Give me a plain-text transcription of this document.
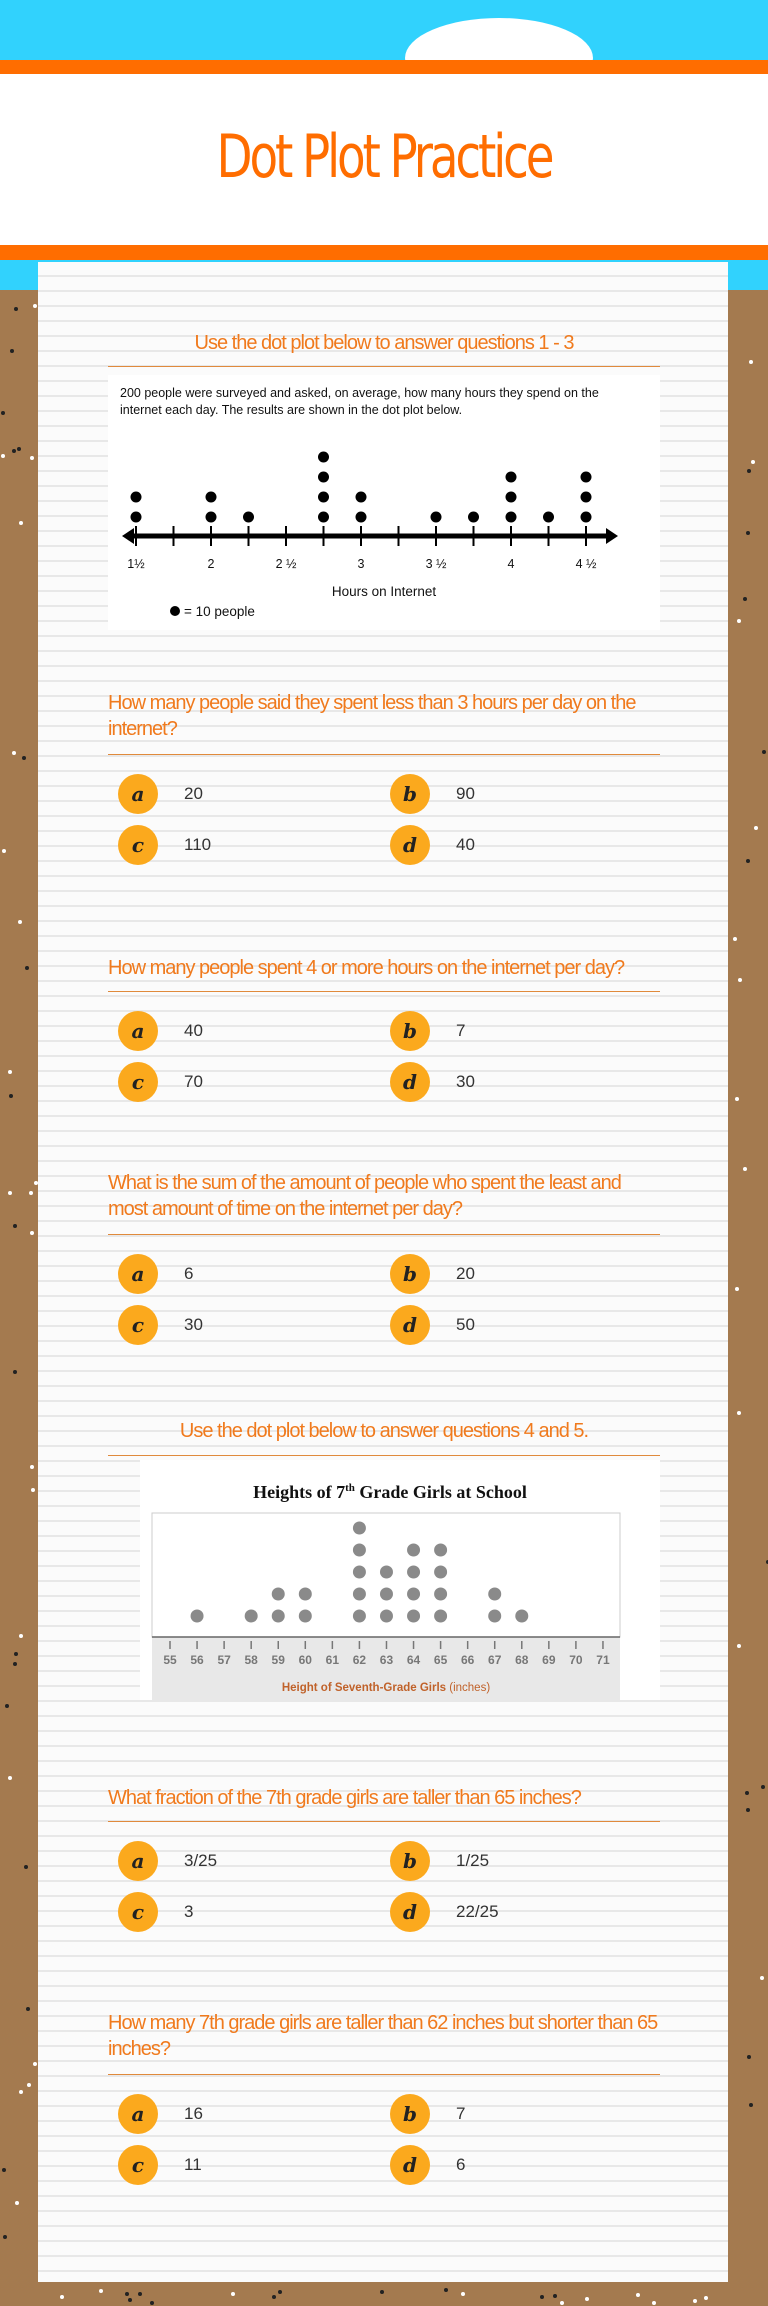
Dot Plot Practice
Use the dot plot below to answer questions 1 - 3
200 people were surveyed and asked, on average, how many hours they spend on the internet each day. The results are shown in the dot plot below.
1½	2	2 ½	3	3 ½	4	4 ½
Hours on Internet
= 10 people
Use the dot plot below to answer questions 4 and 5.
Heights of 7th Grade Girls at School
55 56 57 58 59 60 61 62 63 64 65 66 67 68 69 70 71
Height of Seventh-Grade Girls (inches)
How many people said they spent less than 3 hours per day on the internet?
a	20	b	90
c	110	d	40
How many people spent 4 or more hours on the internet per day?
a	40	b	7
c	70	d	30
What is the sum of the amount of people who spent the least and most amount of time on the internet per day?
a	6	b	20
c	30	d	50
What fraction of the 7th grade girls are taller than 65 inches?
a	3/25	b	1/25
c	3	d	22/25
How many 7th grade girls are taller than 62 inches but shorter than 65 inches?
a	16	b	7
c	11	d	6
